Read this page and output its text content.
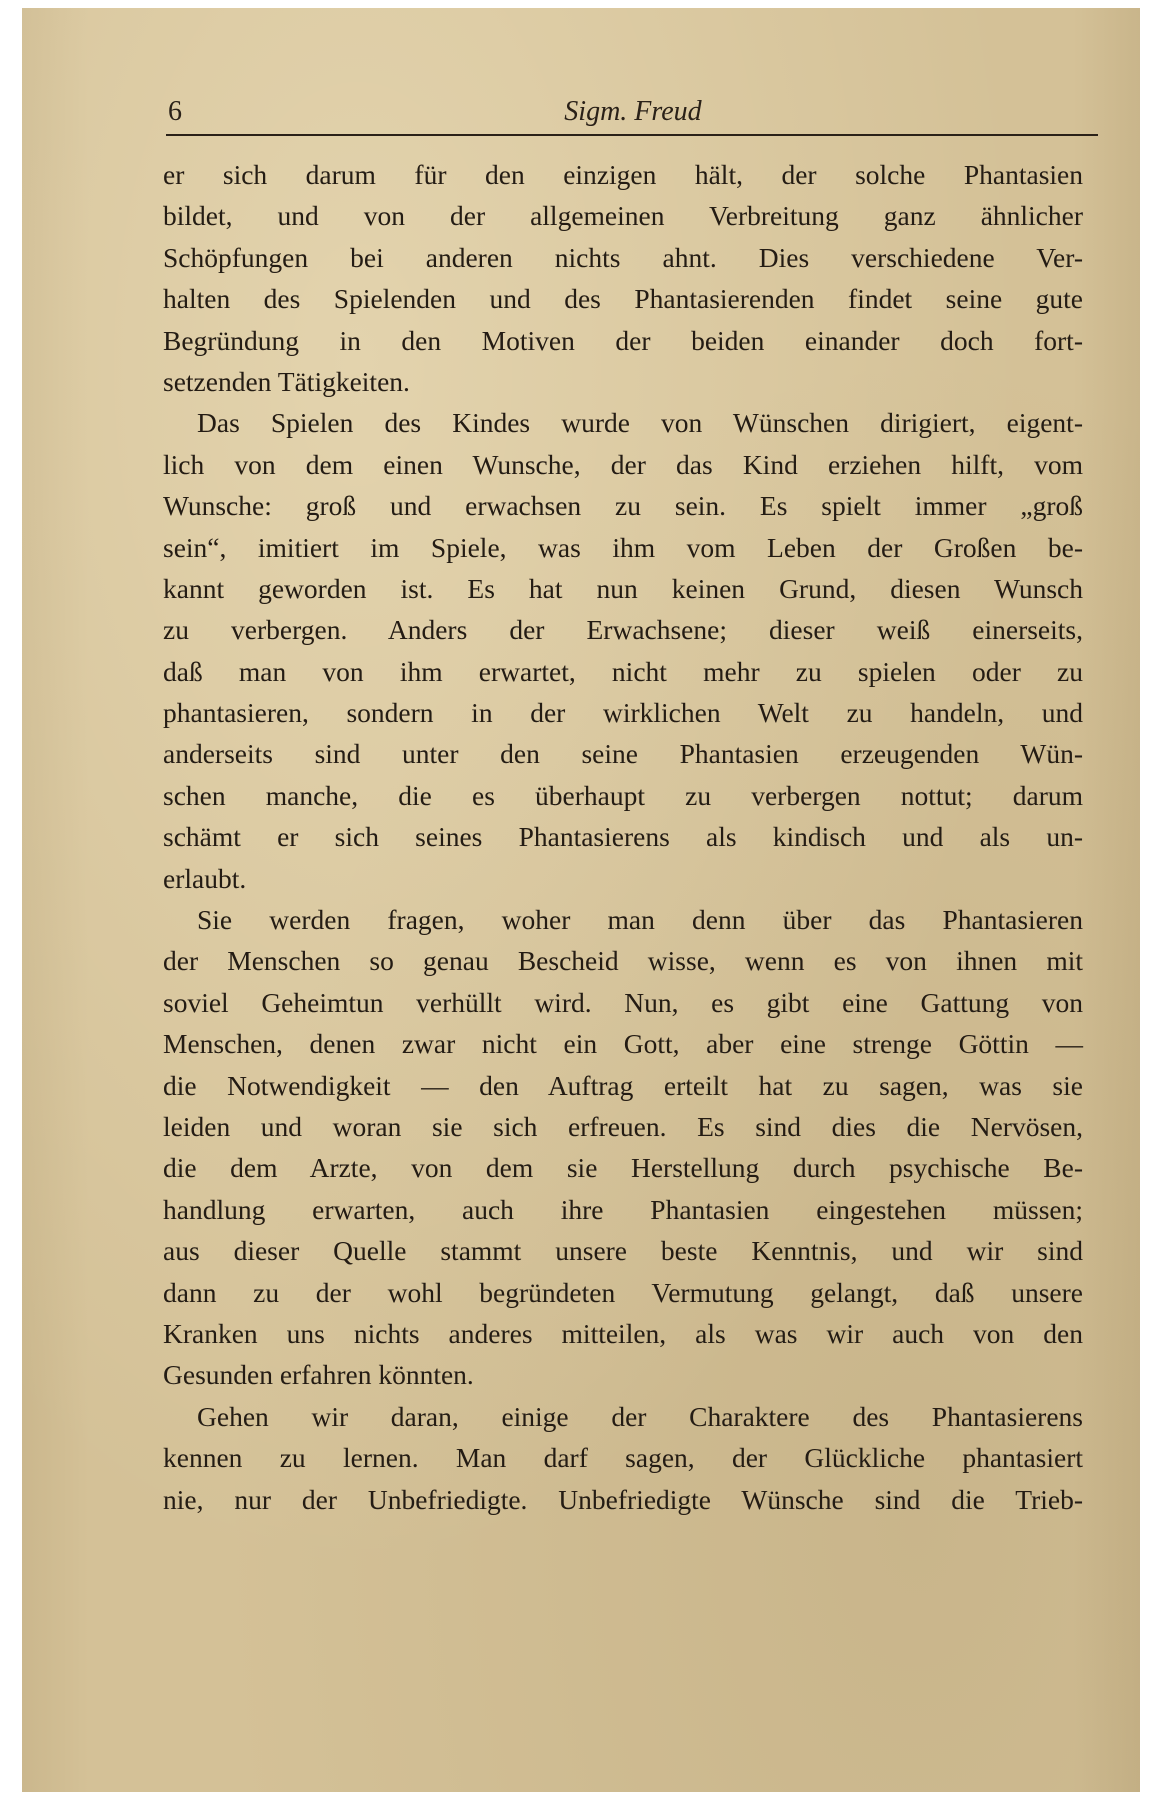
6	Sigm. Freud
er sich darum für den einzigen hält, der solche Phantasien
bildet, und von der allgemeinen Verbreitung ganz ähnlicher
Schöpfungen bei anderen nichts ahnt. Dies verschiedene Ver-
halten des Spielenden und des Phantasierenden findet seine gute
Begründung in den Motiven der beiden einander doch fort-
setzenden Tätigkeiten.
Das Spielen des Kindes wurde von Wünschen dirigiert, eigent-
lich von dem einen Wunsche, der das Kind erziehen hilft, vom
Wunsche: groß und erwachsen zu sein. Es spielt immer „groß
sein“, imitiert im Spiele, was ihm vom Leben der Großen be-
kannt geworden ist. Es hat nun keinen Grund, diesen Wunsch
zu verbergen. Anders der Erwachsene; dieser weiß einerseits,
daß man von ihm erwartet, nicht mehr zu spielen oder zu
phantasieren, sondern in der wirklichen Welt zu handeln, und
anderseits sind unter den seine Phantasien erzeugenden Wün-
schen manche, die es überhaupt zu verbergen nottut; darum
schämt er sich seines Phantasierens als kindisch und als un-
erlaubt.
Sie werden fragen, woher man denn über das Phantasieren
der Menschen so genau Bescheid wisse, wenn es von ihnen mit
soviel Geheimtun verhüllt wird. Nun, es gibt eine Gattung von
Menschen, denen zwar nicht ein Gott, aber eine strenge Göttin —
die Notwendigkeit — den Auftrag erteilt hat zu sagen, was sie
leiden und woran sie sich erfreuen. Es sind dies die Nervösen,
die dem Arzte, von dem sie Herstellung durch psychische Be-
handlung erwarten, auch ihre Phantasien eingestehen müssen;
aus dieser Quelle stammt unsere beste Kenntnis, und wir sind
dann zu der wohl begründeten Vermutung gelangt, daß unsere
Kranken uns nichts anderes mitteilen, als was wir auch von den
Gesunden erfahren könnten.
Gehen wir daran, einige der Charaktere des Phantasierens
kennen zu lernen. Man darf sagen, der Glückliche phantasiert
nie, nur der Unbefriedigte. Unbefriedigte Wünsche sind die Trieb-
